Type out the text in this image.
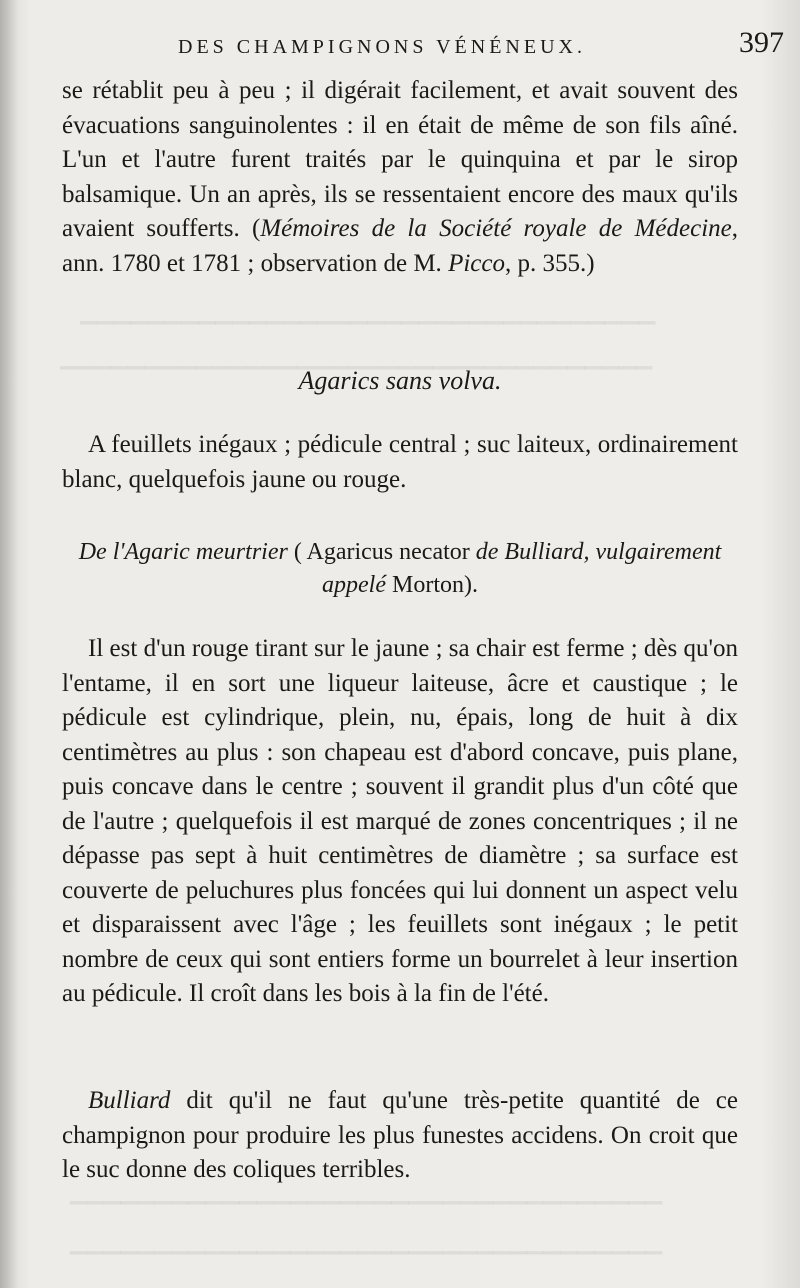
▁▁▁▁▁▁▁▁▁▁▁▁▁▁▁▁▁▁▁▁▁▁▁▁▁▁▁▁▁▁▁▁▁▁
▁▁▁▁▁▁▁▁▁▁▁▁▁▁▁▁▁▁▁▁▁▁▁▁▁▁▁▁▁▁▁▁▁▁▁
▁▁▁▁▁▁▁▁▁▁▁▁▁▁▁▁▁▁▁▁▁▁▁▁▁▁▁▁▁▁▁▁▁▁▁
▁▁▁▁▁▁▁▁▁▁▁▁▁▁▁▁▁▁▁▁▁▁▁▁▁▁▁▁▁▁▁▁▁▁▁
DES CHAMPIGNONS VÉNÉNEUX.	397
se rétablit peu à peu ; il digérait facilement, et avait souvent des évacuations sanguinolentes : il en était de même de son fils aîné. L'un et l'autre furent traités par le quinquina et par le sirop balsamique. Un an après, ils se ressentaient encore des maux qu'ils avaient soufferts. (Mémoires de la Société royale de Médecine, ann. 1780 et 1781 ; observation de M. Picco, p. 355.)
Agarics sans volva.
A feuillets inégaux ; pédicule central ; suc laiteux, ordinairement blanc, quelquefois jaune ou rouge.
De l'Agaric meurtrier ( Agaricus necator de Bulliard, vulgairement appelé Morton).
Il est d'un rouge tirant sur le jaune ; sa chair est ferme ; dès qu'on l'entame, il en sort une liqueur laiteuse, âcre et caustique ; le pédicule est cylindrique, plein, nu, épais, long de huit à dix centimètres au plus : son chapeau est d'abord concave, puis plane, puis concave dans le centre ; souvent il grandit plus d'un côté que de l'autre ; quelquefois il est marqué de zones concentriques ; il ne dépasse pas sept à huit centimètres de diamètre ; sa surface est couverte de peluchures plus foncées qui lui donnent un aspect velu et disparaissent avec l'âge ; les feuillets sont inégaux ; le petit nombre de ceux qui sont entiers forme un bourrelet à leur insertion au pédicule. Il croît dans les bois à la fin de l'été.
Bulliard dit qu'il ne faut qu'une très-petite quantité de ce champignon pour produire les plus funestes accidens. On croit que le suc donne des coliques terribles.
